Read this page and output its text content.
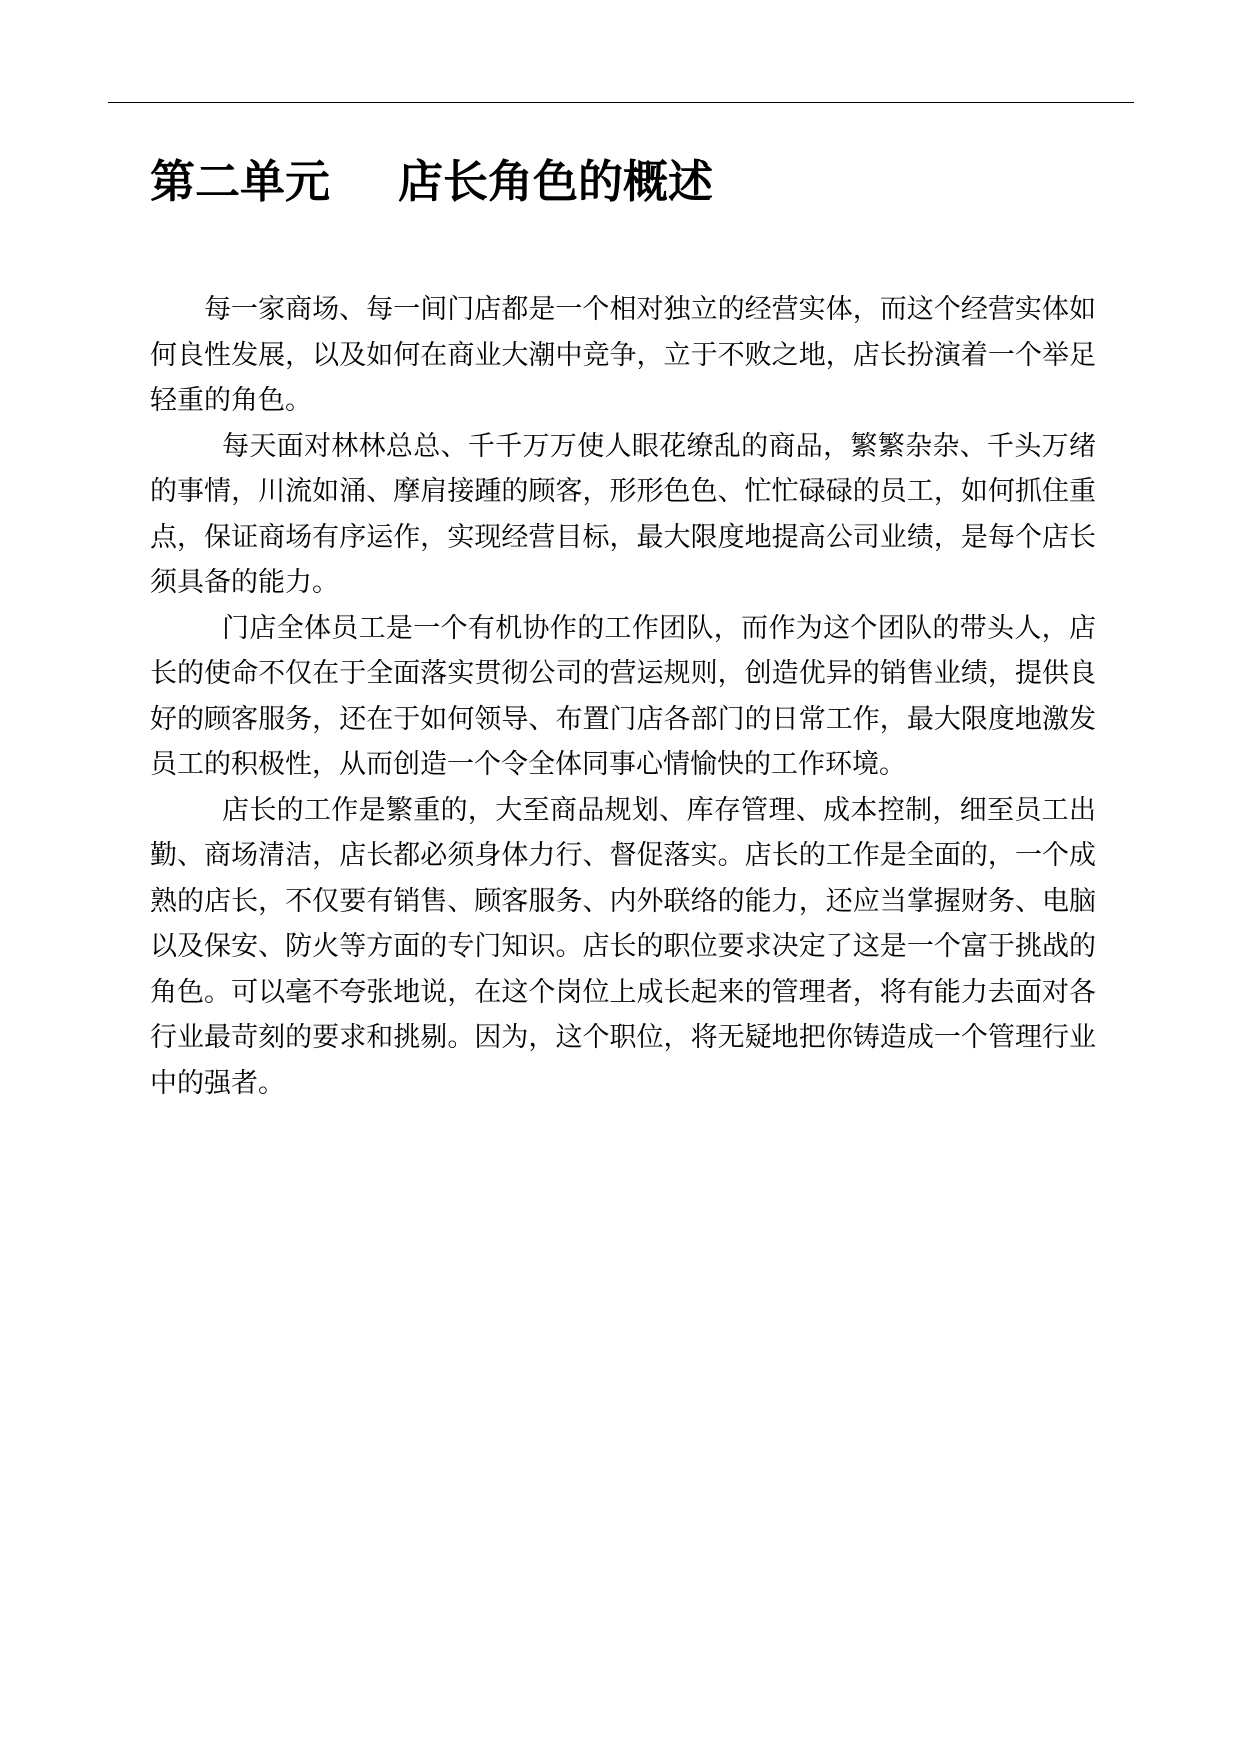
第二单元 店长角色的概述

每一家商场、每一间门店都是一个相对独立的经营实体，而这个经营实体如何良性发展，以及如何在商业大潮中竞争，立于不败之地，店长扮演着一个举足轻重的角色。

每天面对林林总总、千千万万使人眼花缭乱的商品，繁繁杂杂、千头万绪的事情，川流如涌、摩肩接踵的顾客，形形色色、忙忙碌碌的员工，如何抓住重点，保证商场有序运作，实现经营目标，最大限度地提高公司业绩，是每个店长须具备的能力。

门店全体员工是一个有机协作的工作团队，而作为这个团队的带头人，店长的使命不仅在于全面落实贯彻公司的营运规则，创造优异的销售业绩，提供良好的顾客服务，还在于如何领导、布置门店各部门的日常工作，最大限度地激发员工的积极性，从而创造一个令全体同事心情愉快的工作环境。

店长的工作是繁重的，大至商品规划、库存管理、成本控制，细至员工出勤、商场清洁，店长都必须身体力行、督促落实。店长的工作是全面的，一个成熟的店长，不仅要有销售、顾客服务、内外联络的能力，还应当掌握财务、电脑以及保安、防火等方面的专门知识。店长的职位要求决定了这是一个富于挑战的角色。可以毫不夸张地说，在这个岗位上成长起来的管理者，将有能力去面对各行业最苛刻的要求和挑剔。因为，这个职位，将无疑地把你铸造成一个管理行业中的强者。
